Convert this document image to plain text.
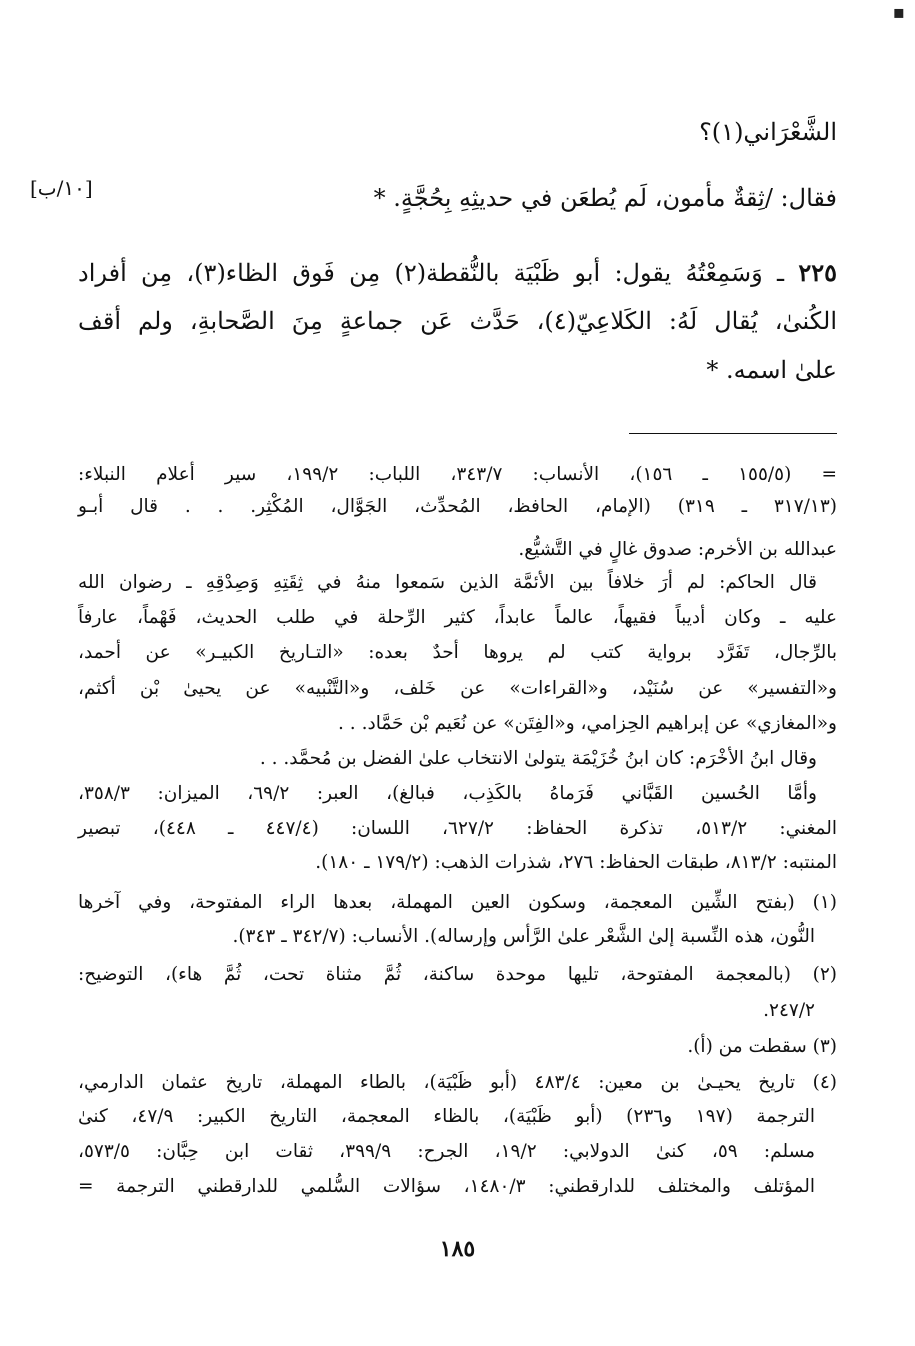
▪
الشَّعْرَاني(١)؟
[١٠/ب]	فقال: /ثِقةٌ مأمون، لَم يُطعَن في حديثِهِ بِحُجَّةٍ. *
٢٢٥ ـ وَسَمِعْتُهُ يقول: أبو ظَبْيَة بالنُّقطة(٢) مِن فَوق الظاء(٣)، مِن أفراد
الكُنىٰ، يُقال لَهُ: الكَلاعِيّ(٤)، حَدَّث عَن جماعةٍ مِنَ الصَّحابةِ، ولم أقف
علىٰ اسمه. *
= (١٥٥/٥ ـ ١٥٦)، الأنساب: ٣٤٣/٧، اللباب: ١٩٩/٢، سير أعلام النبلاء:
(٣١٧/١٣ ـ ٣١٩) (الإمام، الحافظ، المُحدِّث، الجَوَّال، المُكْثِر. . . قال أبـو
عبدالله بن الأخرم: صدوق غالٍ في التَّشيُّع.
قال الحاكم: لم أرَ خلافاً بين الأئمَّة الذين سَمعوا منهُ في ثِقَتِهِ وَصِدْقِهِ ـ رضوان الله
عليه ـ وكان أديباً فقيهاً، عالماً عابداً، كثير الرِّحلة في طلب الحديث، فَهْماً، عارفاً
بالرِّجال، تَفَرَّد برواية كتب لم يروها أحدٌ بعده: «التـاريخ الكبيـر» عن أحمد،
و«التفسير» عن سُنَيْد، و«القراءات» عن خَلف، و«التَّنْبيه» عن يحيىٰ بْن أكثم،
و«المغازي» عن إبراهيم الحِزامي، و«الفِتَن» عن نُعَيم بْن حَمَّاد. . .
وقال ابنُ الأخْرَم: كان ابنُ خُزَيْمَة يتولىٰ الانتخاب علىٰ الفضل بن مُحمَّد. . .
وأمَّا الحُسين القَبَّاني فَرَماهُ بالكَذِب، فبالغ)، العبر: ٦٩/٢، الميزان: ٣٥٨/٣،
المغني: ٥١٣/٢، تذكرة الحفاظ: ٦٢٧/٢، اللسان: (٤٤٧/٤ ـ ٤٤٨)، تبصير
المنتبه: ٨١٣/٢، طبقات الحفاظ: ٢٧٦، شذرات الذهب: (١٧٩/٢ ـ ١٨٠).
(١) (بفتح الشِّين المعجمة، وسكون العين المهملة، بعدها الراء المفتوحة، وفي آخرها
النُّون، هذه النِّسبة إلىٰ الشَّعْر علىٰ الرَّأس وإرساله). الأنساب: (٣٤٢/٧ ـ ٣٤٣).
(٢) (بالمعجمة المفتوحة، تليها موحدة ساكنة، ثُمَّ مثناة تحت، ثُمَّ هاء)، التوضيح:
٢٤٧/٢.
(٣) سقطت من (أ).
(٤) تاريخ يحيـىٰ بن معين: ٤٨٣/٤ (أبو ظَبْيَة)، بالطاء المهملة، تاريخ عثمان الدارمي،
الترجمة (١٩٧ و٢٣٦) (أبو ظَبْيَة)، بالظاء المعجمة، التاريخ الكبير: ٤٧/٩، كنىٰ
مسلم: ٥٩، كنىٰ الدولابي: ١٩/٢، الجرح: ٣٩٩/٩، ثقات ابن حِبَّان: ٥٧٣/٥،
المؤتلف والمختلف للدارقطني: ١٤٨٠/٣، سؤالات السُّلمي للدارقطني الترجمة =
١٨٥
